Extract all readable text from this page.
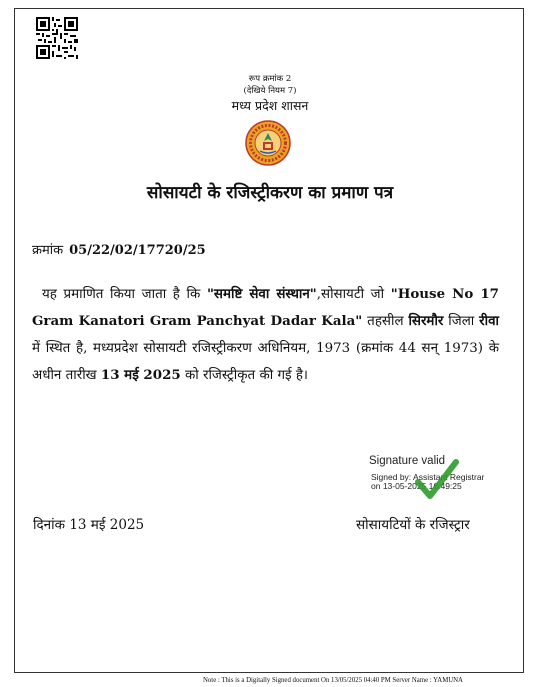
रूप क्रमांक 2
(देखिये नियम 7)
मध्य प्रदेश शासन
सोसायटी के रजिस्ट्रीकरण का प्रमाण पत्र
क्रमांक 05/22/02/17720/25
यह प्रमाणित किया जाता है कि "समष्टि सेवा संस्थान",सोसायटी जो "House No 17 Gram Kanatori Gram Panchyat Dadar Kala" तहसील सिरमौर जिला रीवा में स्थित है, मध्यप्रदेश सोसायटी रजिस्ट्रीकरण अधिनियम, 1973 (क्रमांक 44 सन् 1973) के अधीन तारीख 13 मई 2025 को रजिस्ट्रीकृत की गई है।
Signature valid
Signed by: Assistant Registrar
on 13-05-2025 16:49:25
दिनांक 13 मई 2025	सोसायटियों के रजिस्ट्रार
Note : This is a Digitally Signed document On 13/05/2025 04:40 PM Server Name : YAMUNA
